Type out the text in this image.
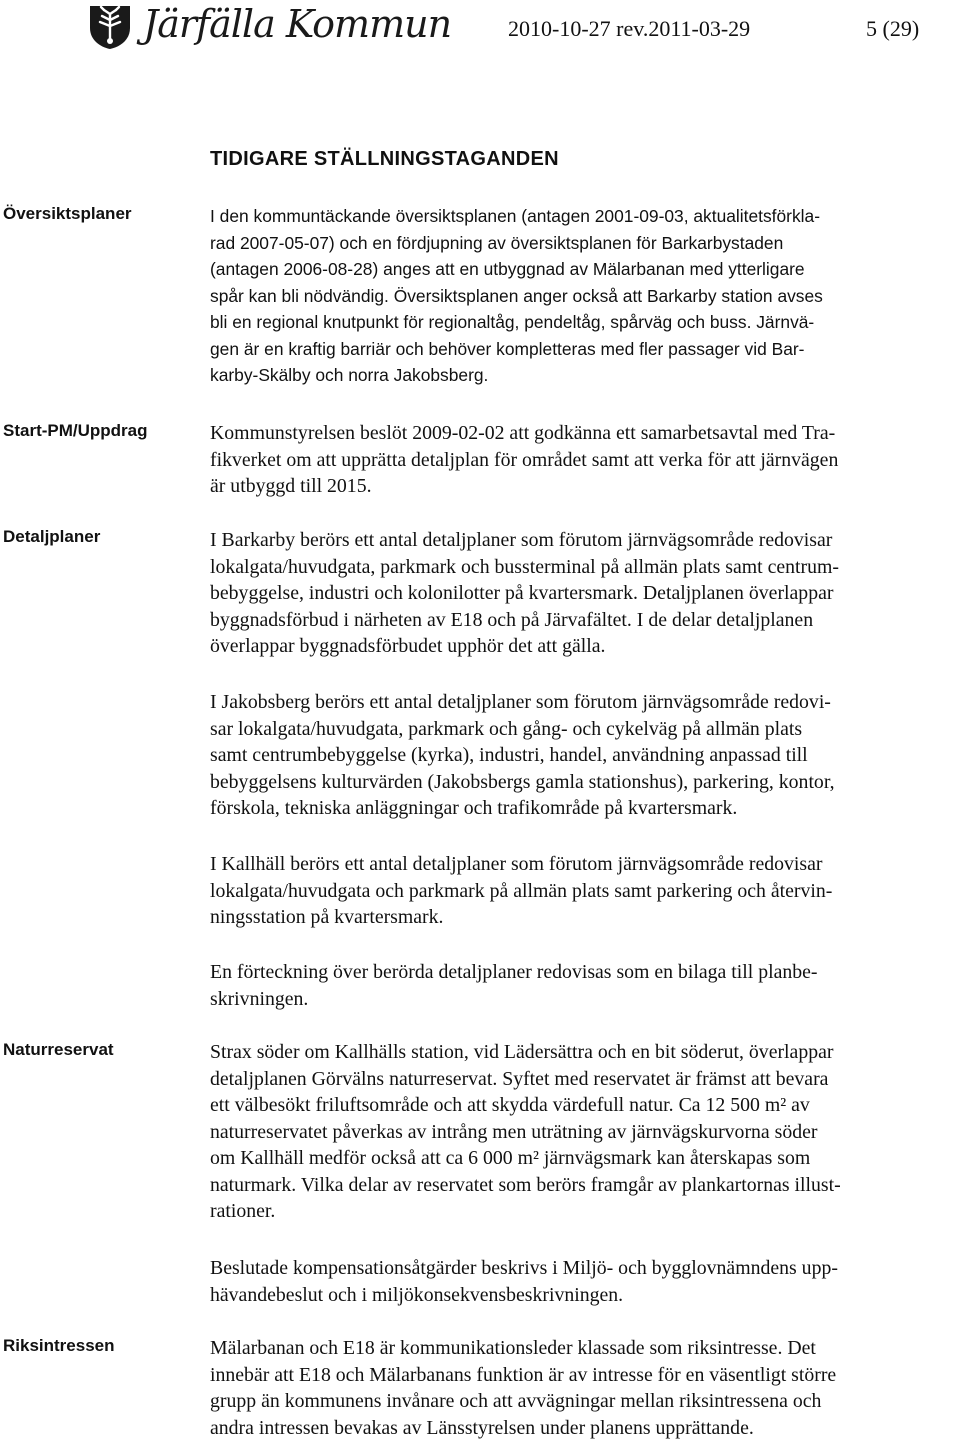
Järfälla Kommun	2010-10-27 rev.2011-03-29	5 (29)
TIDIGARE STÄLLNINGSTAGANDEN
Översiktsplaner
Start-PM/Uppdrag
Detaljplaner
Naturreservat
Riksintressen
I den kommuntäckande översiktsplanen (antagen 2001-09-03, aktualitetsförkla-
rad 2007-05-07) och en fördjupning av översiktsplanen för Barkarbystaden
(antagen 2006-08-28) anges att en utbyggnad av Mälarbanan med ytterligare
spår kan bli nödvändig. Översiktsplanen anger också att Barkarby station avses
bli en regional knutpunkt för regionaltåg, pendeltåg, spårväg och buss. Järnvä-
gen är en kraftig barriär och behöver kompletteras med fler passager vid Bar-
karby-Skälby och norra Jakobsberg.
Kommunstyrelsen beslöt 2009-02-02 att godkänna ett samarbetsavtal med Tra-
fikverket om att upprätta detaljplan för området samt att verka för att järnvägen
är utbyggd till 2015.
I Barkarby berörs ett antal detaljplaner som förutom järnvägsområde redovisar
lokalgata/huvudgata, parkmark och bussterminal på allmän plats samt centrum-
bebyggelse, industri och kolonilotter på kvartersmark. Detaljplanen överlappar
byggnadsförbud i närheten av E18 och på Järvafältet. I de delar detaljplanen
överlappar byggnadsförbudet upphör det att gälla.
I Jakobsberg berörs ett antal detaljplaner som förutom järnvägsområde redovi-
sar lokalgata/huvudgata, parkmark och gång- och cykelväg på allmän plats
samt centrumbebyggelse (kyrka), industri, handel, användning anpassad till
bebyggelsens kulturvärden (Jakobsbergs gamla stationshus), parkering, kontor,
förskola, tekniska anläggningar och trafikområde på kvartersmark.
I Kallhäll berörs ett antal detaljplaner som förutom järnvägsområde redovisar
lokalgata/huvudgata och parkmark på allmän plats samt parkering och återvin-
ningsstation på kvartersmark.
En förteckning över berörda detaljplaner redovisas som en bilaga till planbe-
skrivningen.
Strax söder om Kallhälls station, vid Lädersättra och en bit söderut, överlappar
detaljplanen Görvälns naturreservat. Syftet med reservatet är främst att bevara
ett välbesökt friluftsområde och att skydda värdefull natur. Ca 12 500 m² av
naturreservatet påverkas av intrång men uträtning av järnvägskurvorna söder
om Kallhäll medför också att ca 6 000 m² järnvägsmark kan återskapas som
naturmark. Vilka delar av reservatet som berörs framgår av plankartornas illust-
rationer.
Beslutade kompensationsåtgärder beskrivs i Miljö- och bygglovnämndens upp-
hävandebeslut och i miljökonsekvensbeskrivningen.
Mälarbanan och E18 är kommunikationsleder klassade som riksintresse. Det
innebär att E18 och Mälarbanans funktion är av intresse för en väsentligt större
grupp än kommunens invånare och att avvägningar mellan riksintressena och
andra intressen bevakas av Länsstyrelsen under planens upprättande.
